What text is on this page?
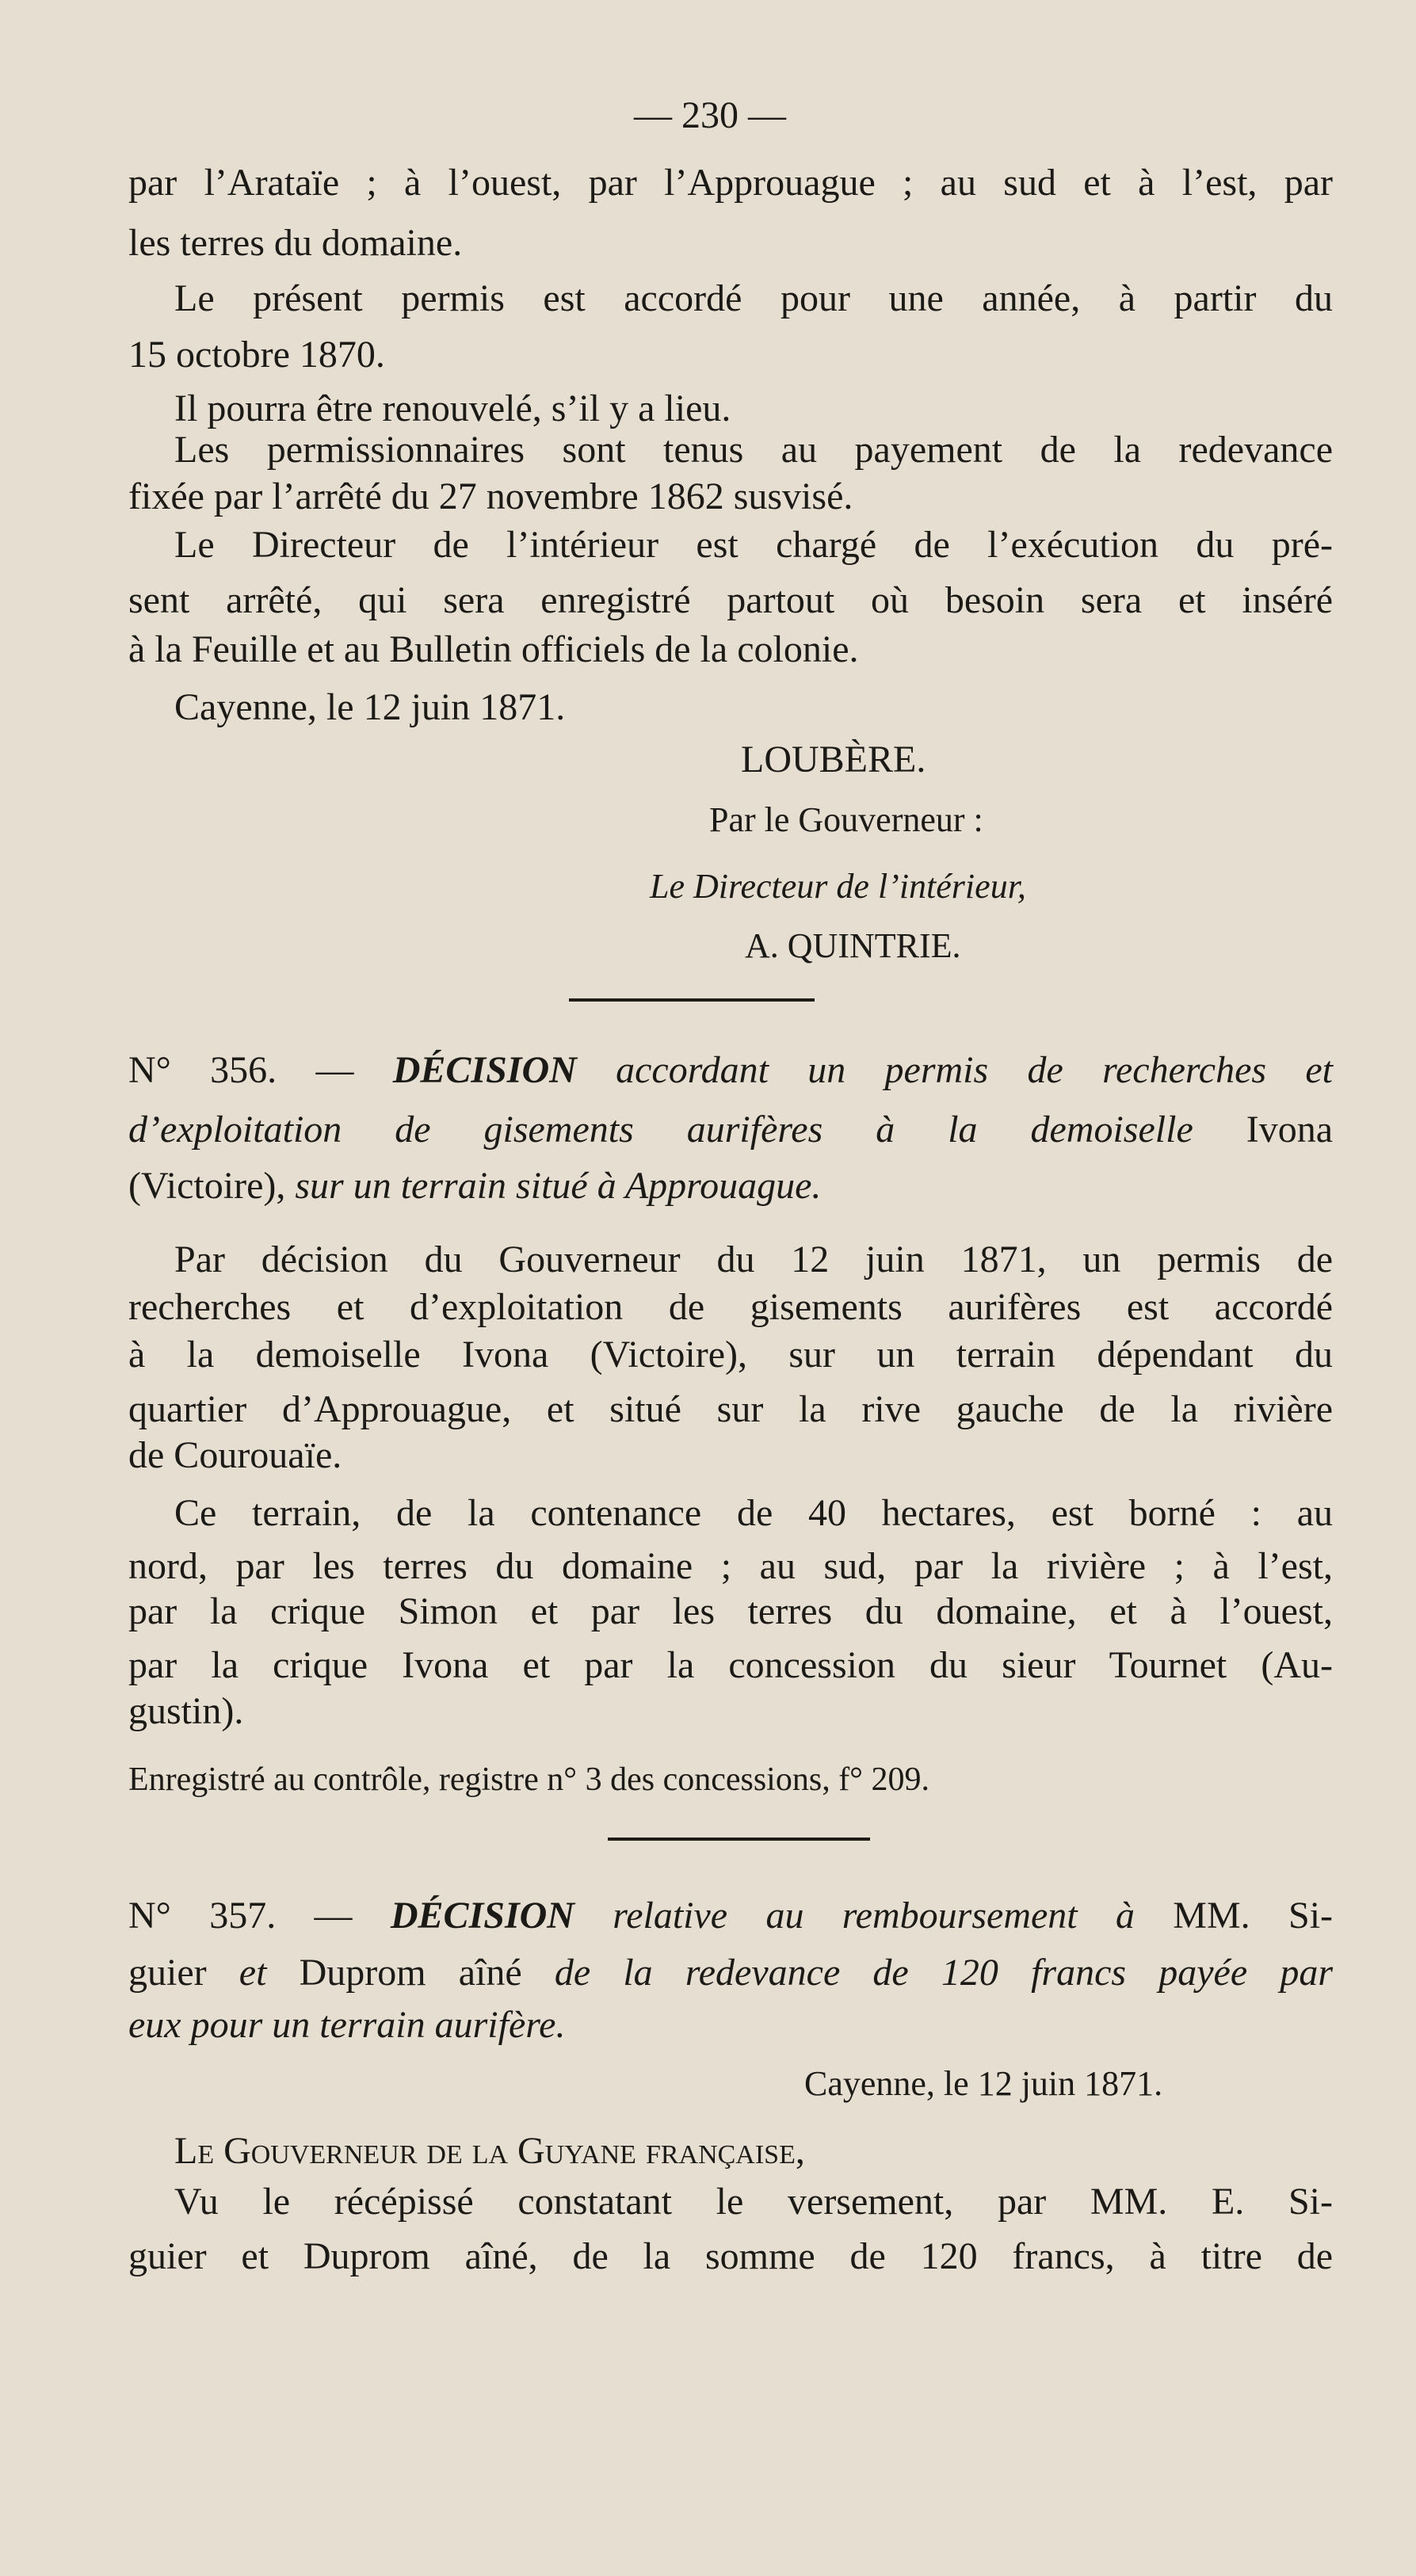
— 230 —
par l’Arataïe ; à l’ouest, par l’Approuague ; au sud et à l’est, par
les terres du domaine.
Le présent permis est accordé pour une année, à partir du
15 octobre 1870.
Il pourra être renouvelé, s’il y a lieu.
Les permissionnaires sont tenus au payement de la redevance
fixée par l’arrêté du 27 novembre 1862 susvisé.
Le Directeur de l’intérieur est chargé de l’exécution du pré-
sent arrêté, qui sera enregistré partout où besoin sera et inséré
à la Feuille et au Bulletin officiels de la colonie.
Cayenne, le 12 juin 1871.
LOUBÈRE.
Par le Gouverneur :
Le Directeur de l’intérieur,
A. QUINTRIE.
N° 356. — DÉCISION accordant un permis de recherches et
d’exploitation de gisements aurifères à la demoiselle Ivona
(Victoire), sur un terrain situé à Approuague.
Par décision du Gouverneur du 12 juin 1871, un permis de
recherches et d’exploitation de gisements aurifères est accordé
à la demoiselle Ivona (Victoire), sur un terrain dépendant du
quartier d’Approuague, et situé sur la rive gauche de la rivière
de Courouaïe.
Ce terrain, de la contenance de 40 hectares, est borné : au
nord, par les terres du domaine ; au sud, par la rivière ; à l’est,
par la crique Simon et par les terres du domaine, et à l’ouest,
par la crique Ivona et par la concession du sieur Tournet (Au-
gustin).
Enregistré au contrôle, registre n° 3 des concessions, f° 209.
N° 357. — DÉCISION relative au remboursement à MM. Si-
guier et Duprom aîné de la redevance de 120 francs payée par
eux pour un terrain aurifère.
Cayenne, le 12 juin 1871.
Le Gouverneur de la Guyane française,
Vu le récépissé constatant le versement, par MM. E. Si-
guier et Duprom aîné, de la somme de 120 francs, à titre de
